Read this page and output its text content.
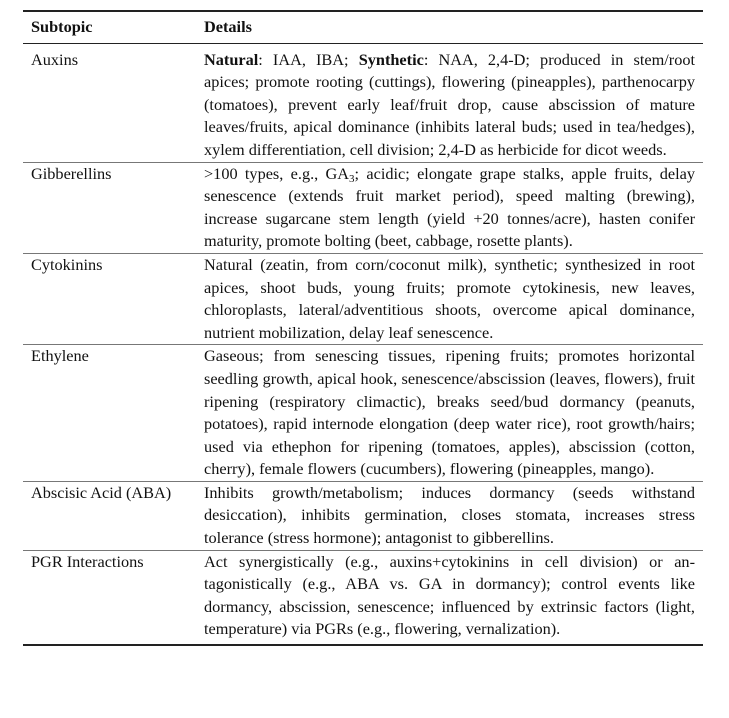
Subtopic	Details
Auxins	Natural: IAA, IBA; Synthetic: NAA, 2,4-D; produced in stem/root apices; promote rooting (cuttings), flowering (pineapples), parthenocarpy (tomatoes), prevent early leaf/fruit drop, cause abscission of mature leaves/fruits, apical dominance (inhibits lateral buds; used in tea/hedges), xylem differentiation, cell division; 2,4-D as herbicide for dicot weeds.
Gibberellins	>100 types, e.g., $GA_3$; acidic; elongate grape stalks, apple fruits, delay senescence (extends fruit market period), speed malting (brewing), increase sugarcane stem length (yield +20 tonnes/acre), hasten conifer maturity, promote bolting (beet, cabbage, rosette plants).
Cytokinins	Natural (zeatin, from corn/coconut milk), synthetic; synthesized in root apices, shoot buds, young fruits; promote cytokinesis, new leaves, chloroplasts, lateral/adventitious shoots, overcome apical dominance, nutrient mobilization, delay leaf senescence.
Ethylene	Gaseous; from senescing tissues, ripening fruits; promotes horizontal seedling growth, apical hook, senescence/abscission (leaves, flowers), fruit ripening (respiratory climactic), breaks seed/bud dormancy (peanuts, potatoes), rapid internode elongation (deep water rice), root growth/hairs; used via ethephon for ripening (tomatoes, apples), abscission (cotton, cherry), female flowers (cucumbers), flowering (pineapples, mango).
Abscisic Acid (ABA)	Inhibits growth/metabolism; induces dormancy (seeds withstand desiccation), inhibits germination, closes stomata, increases stress tolerance (stress hormone); antagonist to gibberellins.
PGR Interactions	Act synergistically (e.g., auxins+cytokinins in cell division) or antagonistically (e.g., ABA vs. GA in dormancy); control events like dormancy, abscission, senescence; influenced by extrinsic factors (light, temperature) via PGRs (e.g., flowering, vernalization).
